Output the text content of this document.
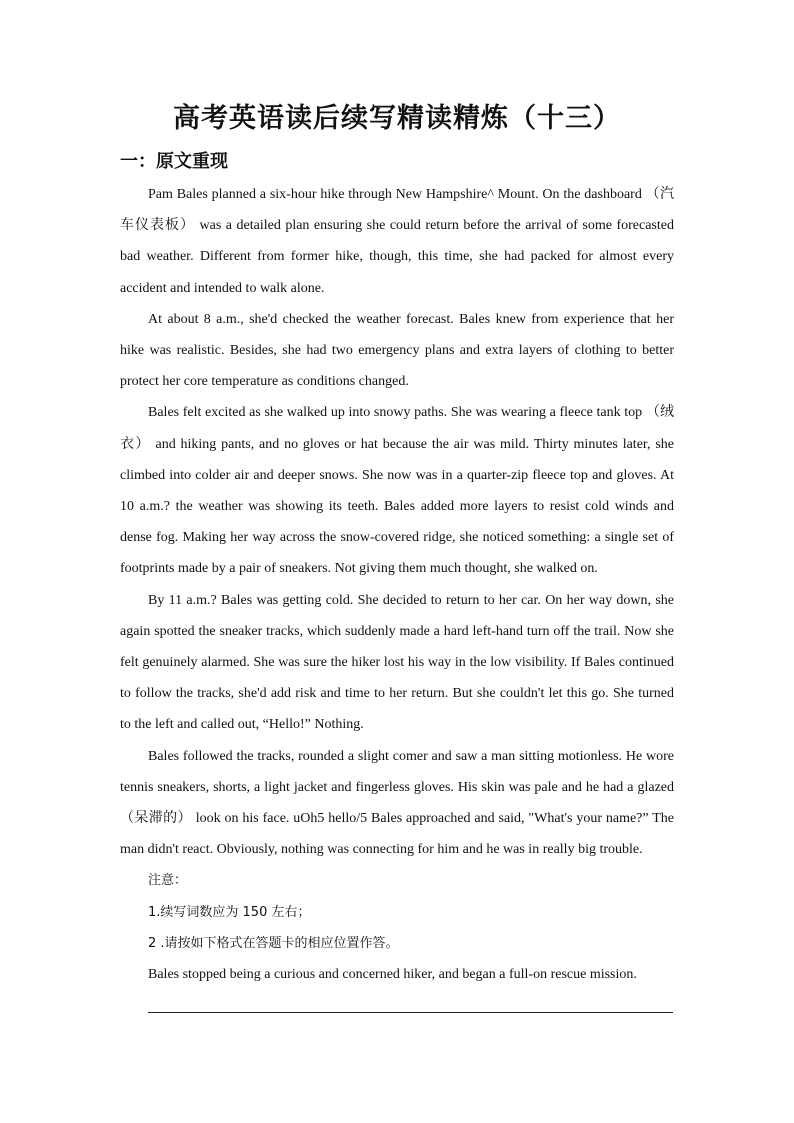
高考英语读后续写精读精炼（十三）
一：原文重现

Pam Bales planned a six-hour hike through New Hampshire^ Mount. On the dashboard （汽车仪表板） was a detailed plan ensuring she could return before the arrival of some forecasted bad weather. Different from former hike, though, this time, she had packed for almost every accident and intended to walk alone.

At about 8 a.m., she'd checked the weather forecast. Bales knew from experience that her hike was realistic. Besides, she had two emergency plans and extra layers of clothing to better protect her core temperature as conditions changed.

Bales felt excited as she walked up into snowy paths. She was wearing a fleece tank top （绒衣） and hiking pants, and no gloves or hat because the air was mild. Thirty minutes later, she climbed into colder air and deeper snows. She now was in a quarter-zip fleece top and gloves. At 10 a.m.? the weather was showing its teeth. Bales added more layers to resist cold winds and dense fog. Making her way across the snow-covered ridge, she noticed something: a single set of footprints made by a pair of sneakers. Not giving them much thought, she walked on.

By 11 a.m.? Bales was getting cold. She decided to return to her car. On her way down, she again spotted the sneaker tracks, which suddenly made a hard left-hand turn off the trail. Now she felt genuinely alarmed. She was sure the hiker lost his way in the low visibility. If Bales continued to follow the tracks, she'd add risk and time to her return. But she couldn't let this go. She turned to the left and called out, “Hello!” Nothing.

Bales followed the tracks, rounded a slight comer and saw a man sitting motionless. He wore tennis sneakers, shorts, a light jacket and fingerless gloves. His skin was pale and he had a glazed （呆滞的） look on his face. uOh5 hello/5 Bales approached and said, "What's your name?” The man didn't react. Obviously, nothing was connecting for him and he was in really big trouble.

注意：

1.续写词数应为 150 左右；

2 .请按如下格式在答题卡的相应位置作答。

Bales stopped being a curious and concerned hiker, and began a full-on rescue mission.
